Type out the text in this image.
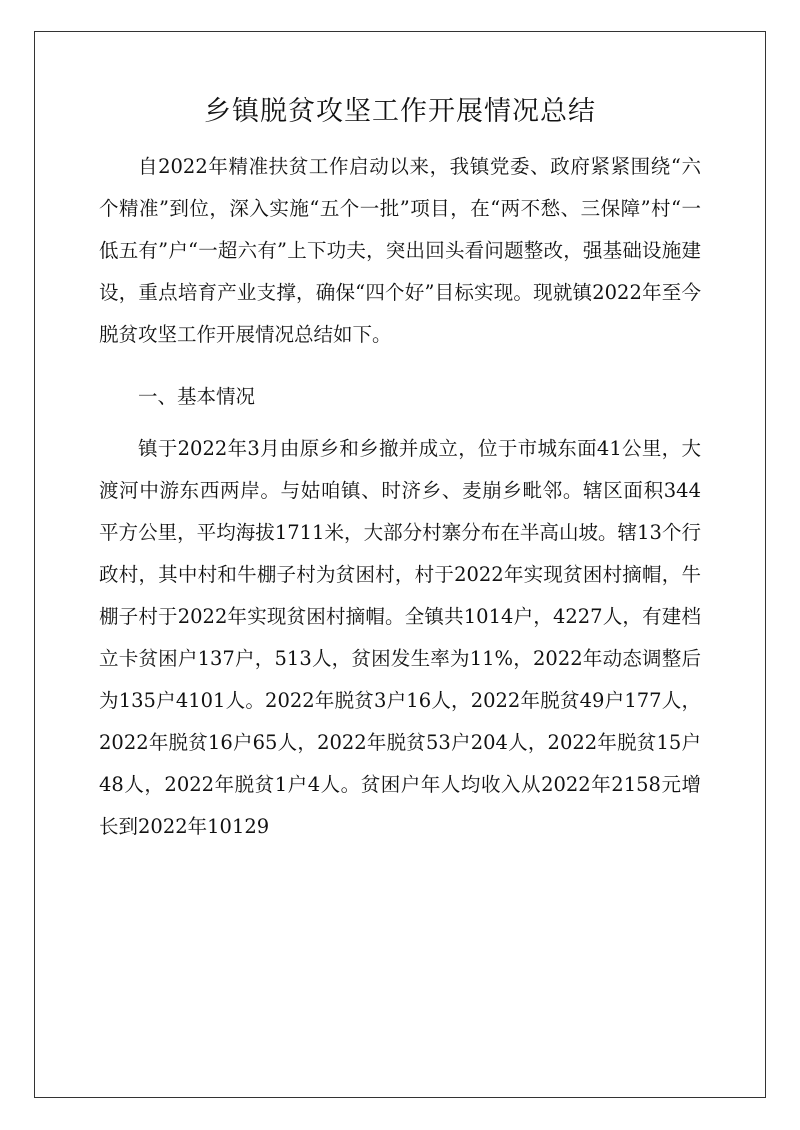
乡镇脱贫攻坚工作开展情况总结

自2022年精准扶贫工作启动以来，我镇党委、政府紧紧围绕“六个精准”到位，深入实施“五个一批”项目，在“两不愁、三保障”村“一低五有”户“一超六有”上下功夫，突出回头看问题整改，强基础设施建设，重点培育产业支撑，确保“四个好”目标实现。现就镇2022年至今脱贫攻坚工作开展情况总结如下。

一、基本情况

镇于2022年3月由原乡和乡撤并成立，位于市城东面41公里，大渡河中游东西两岸。与姑咱镇、时济乡、麦崩乡毗邻。辖区面积344平方公里，平均海拔1711米，大部分村寨分布在半高山坡。辖13个行政村，其中村和牛棚子村为贫困村，村于2022年实现贫困村摘帽，牛棚子村于2022年实现贫困村摘帽。全镇共1014户，4227人，有建档立卡贫困户137户，513人，贫困发生率为11%，2022年动态调整后为135户4101人。2022年脱贫3户16人，2022年脱贫49户177人，2022年脱贫16户65人，2022年脱贫53户204人，2022年脱贫15户48人，2022年脱贫1户4人。贫困户年人均收入从2022年2158元增长到2022年10129
